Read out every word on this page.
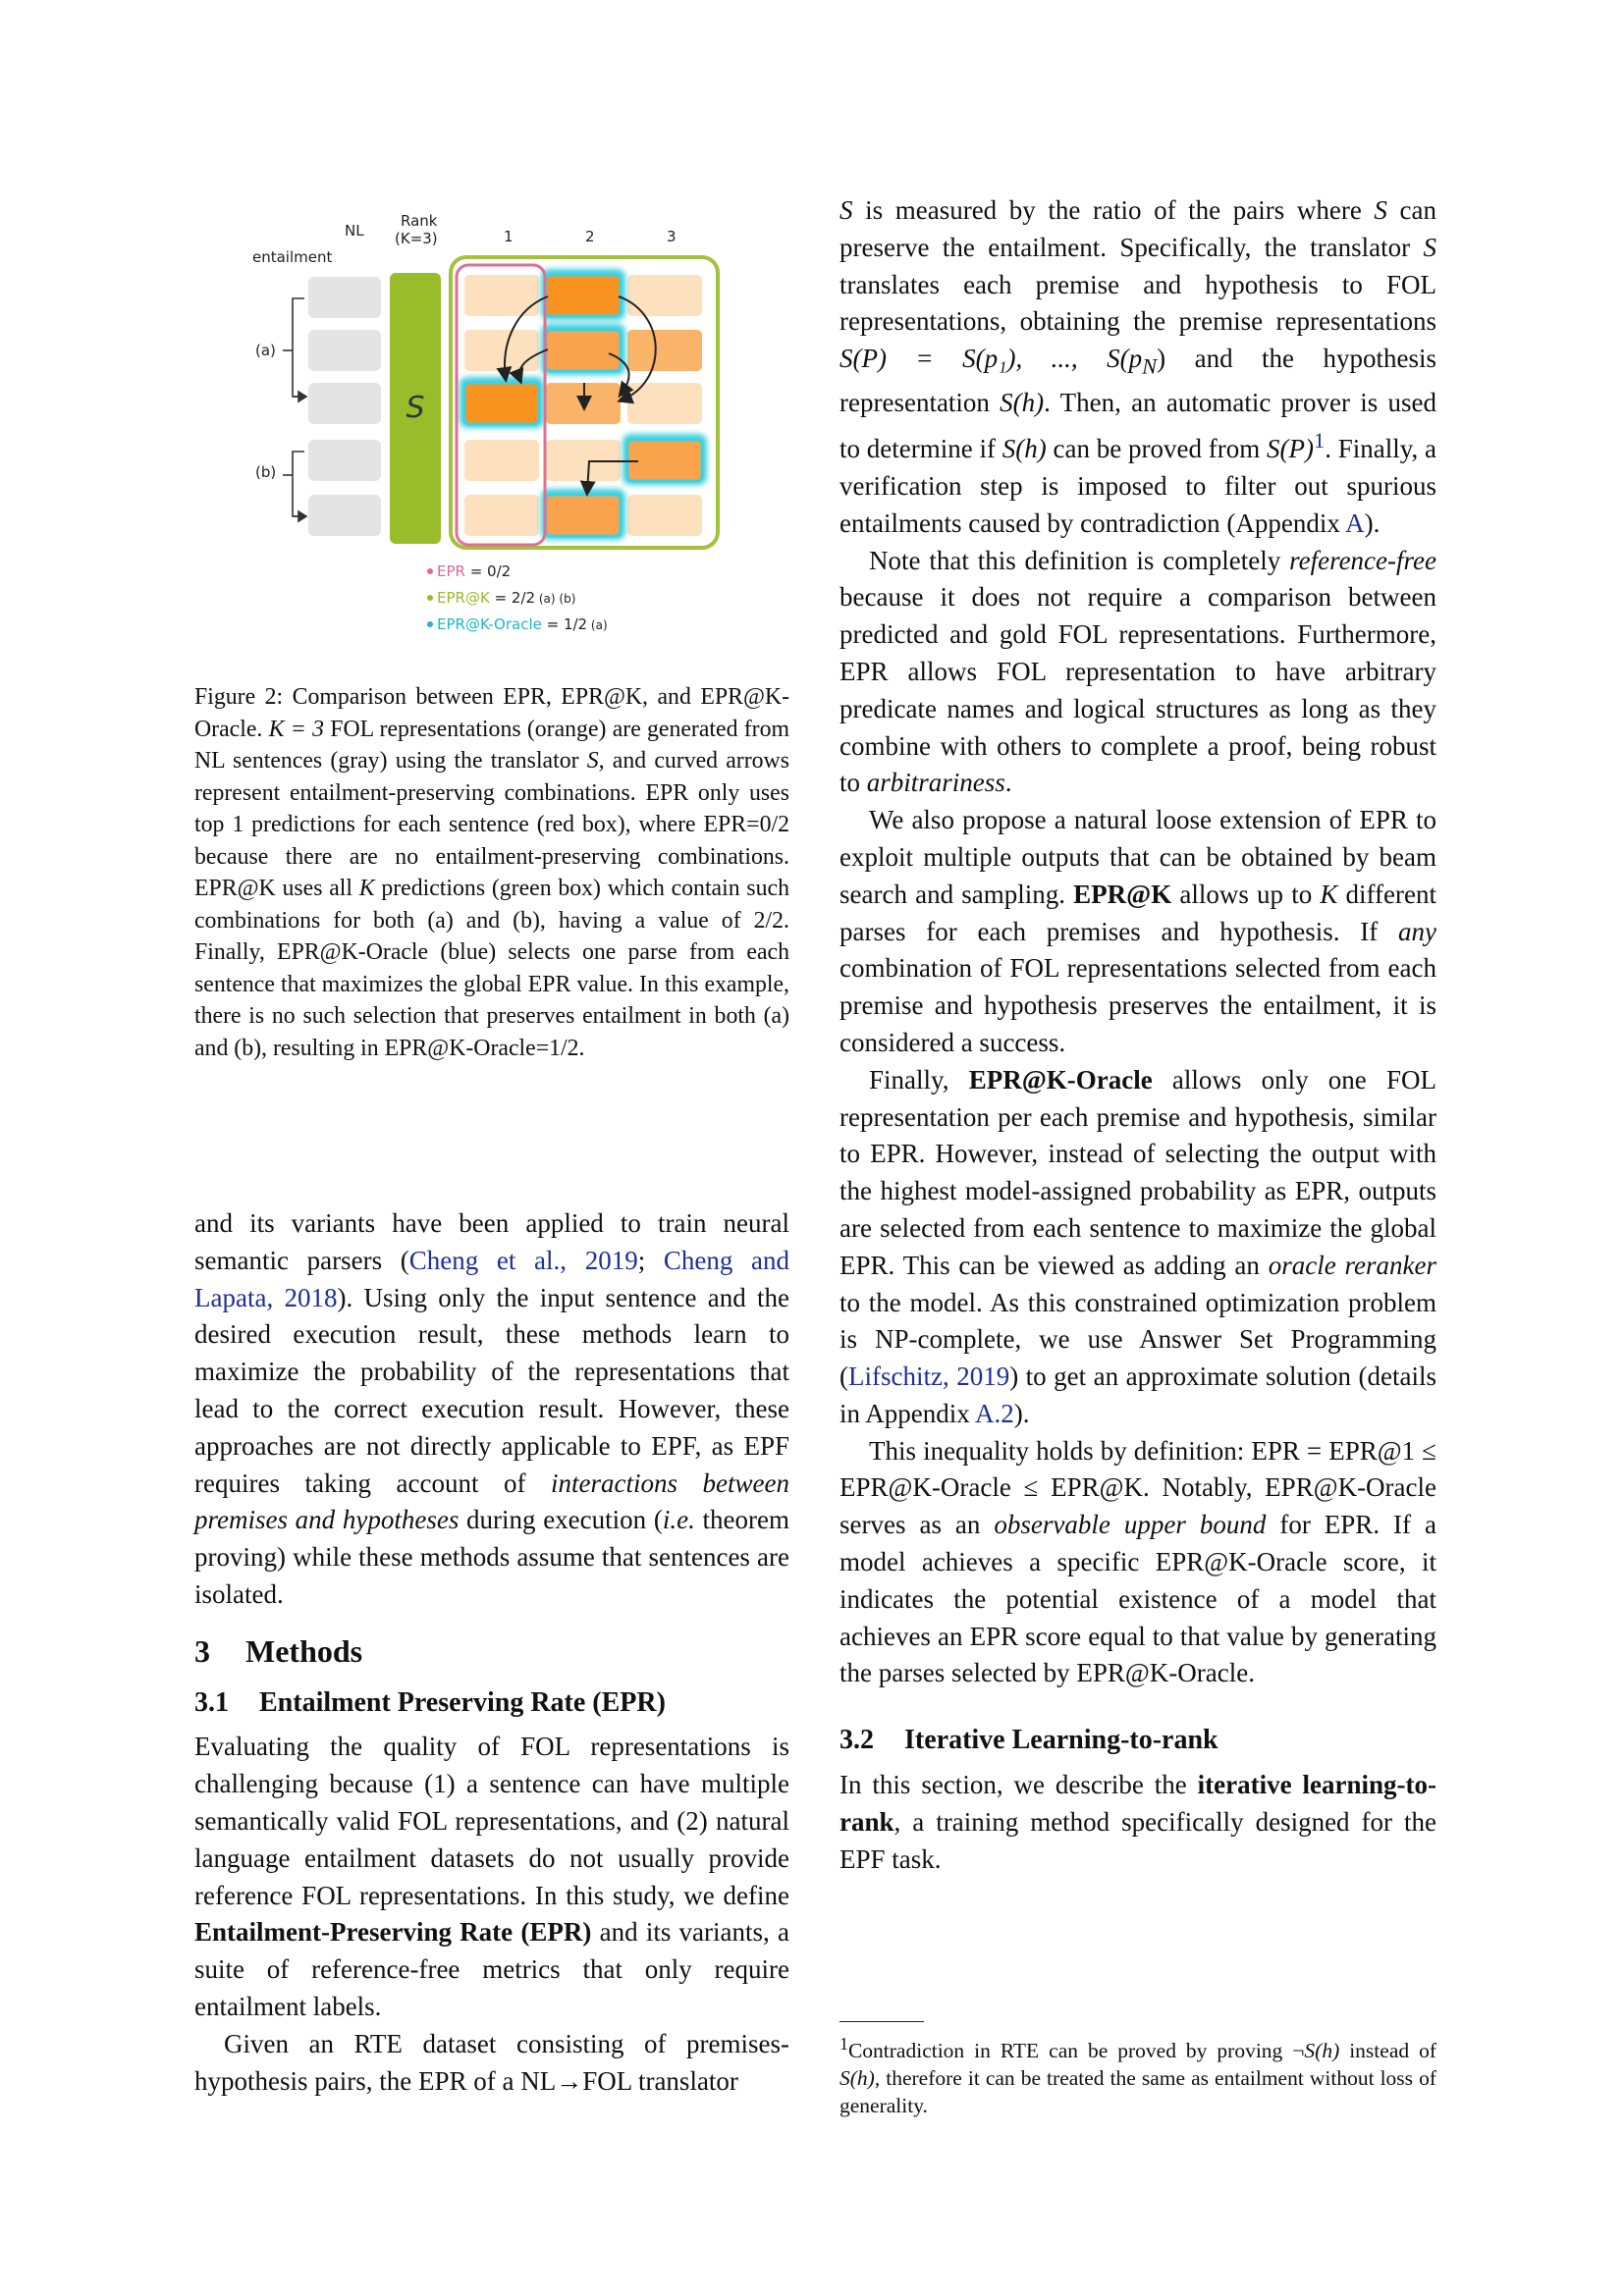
NL
Rank
(K=3)
entailment
1	2	3
(a)
(b)
S
EPR = 0/2
EPR@K = 2/2 (a) (b)
EPR@K-Oracle = 1/2 (a)
Figure 2: Comparison between EPR, EPR@K, and EPR@K-Oracle. K = 3 FOL representations (orange) are generated from NL sentences (gray) using the translator S, and curved arrows represent entailment-preserving combinations. EPR only uses top 1 predictions for each sentence (red box), where EPR=0/2 because there are no entailment-preserving combinations. EPR@K uses all K predictions (green box) which contain such combinations for both (a) and (b), having a value of 2/2. Finally, EPR@K-Oracle (blue) selects one parse from each sentence that maximizes the global EPR value. In this example, there is no such selection that preserves entailment in both (a) and (b), resulting in EPR@K-Oracle=1/2.

and its variants have been applied to train neural semantic parsers (Cheng et al., 2019; Cheng and Lapata, 2018). Using only the input sentence and the desired execution result, these methods learn to maximize the probability of the representations that lead to the correct execution result. However, these approaches are not directly applicable to EPF, as EPF requires taking account of interactions between premises and hypotheses during execution (i.e. theorem proving) while these methods assume that sentences are isolated.

3 Methods
3.1 Entailment Preserving Rate (EPR)

Evaluating the quality of FOL representations is challenging because (1) a sentence can have multiple semantically valid FOL representations, and (2) natural language entailment datasets do not usually provide reference FOL representations. In this study, we define Entailment-Preserving Rate (EPR) and its variants, a suite of reference-free metrics that only require entailment labels.

Given an RTE dataset consisting of premises-hypothesis pairs, the EPR of a NL→FOL translator

S is measured by the ratio of the pairs where S can preserve the entailment. Specifically, the translator S translates each premise and hypothesis to FOL representations, obtaining the premise representations S(P) = S(p₁), ..., $S(p_N)$ and the hypothesis representation S(h). Then, an automatic prover is used to determine if S(h) can be proved from S(P)$^1$. Finally, a verification step is imposed to filter out spurious entailments caused by contradiction (Appendix A).

Note that this definition is completely reference-free because it does not require a comparison between predicted and gold FOL representations. Furthermore, EPR allows FOL representation to have arbitrary predicate names and logical structures as long as they combine with others to complete a proof, being robust to arbitrariness.

We also propose a natural loose extension of EPR to exploit multiple outputs that can be obtained by beam search and sampling. EPR@K allows up to K different parses for each premises and hypothesis. If any combination of FOL representations selected from each premise and hypothesis preserves the entailment, it is considered a success.

Finally, EPR@K-Oracle allows only one FOL representation per each premise and hypothesis, similar to EPR. However, instead of selecting the output with the highest model-assigned probability as EPR, outputs are selected from each sentence to maximize the global EPR. This can be viewed as adding an oracle reranker to the model. As this constrained optimization problem is NP-complete, we use Answer Set Programming (Lifschitz, 2019) to get an approximate solution (details in Appendix A.2).

This inequality holds by definition: EPR = EPR@1 ≤ EPR@K-Oracle ≤ EPR@K. Notably, EPR@K-Oracle serves as an observable upper bound for EPR. If a model achieves a specific EPR@K-Oracle score, it indicates the potential existence of a model that achieves an EPR score equal to that value by generating the parses selected by EPR@K-Oracle.

3.2 Iterative Learning-to-rank

In this section, we describe the iterative learning-to-rank, a training method specifically designed for the EPF task.

$^1$Contradiction in RTE can be proved by proving ¬S(h) instead of S(h), therefore it can be treated the same as entailment without loss of generality.
